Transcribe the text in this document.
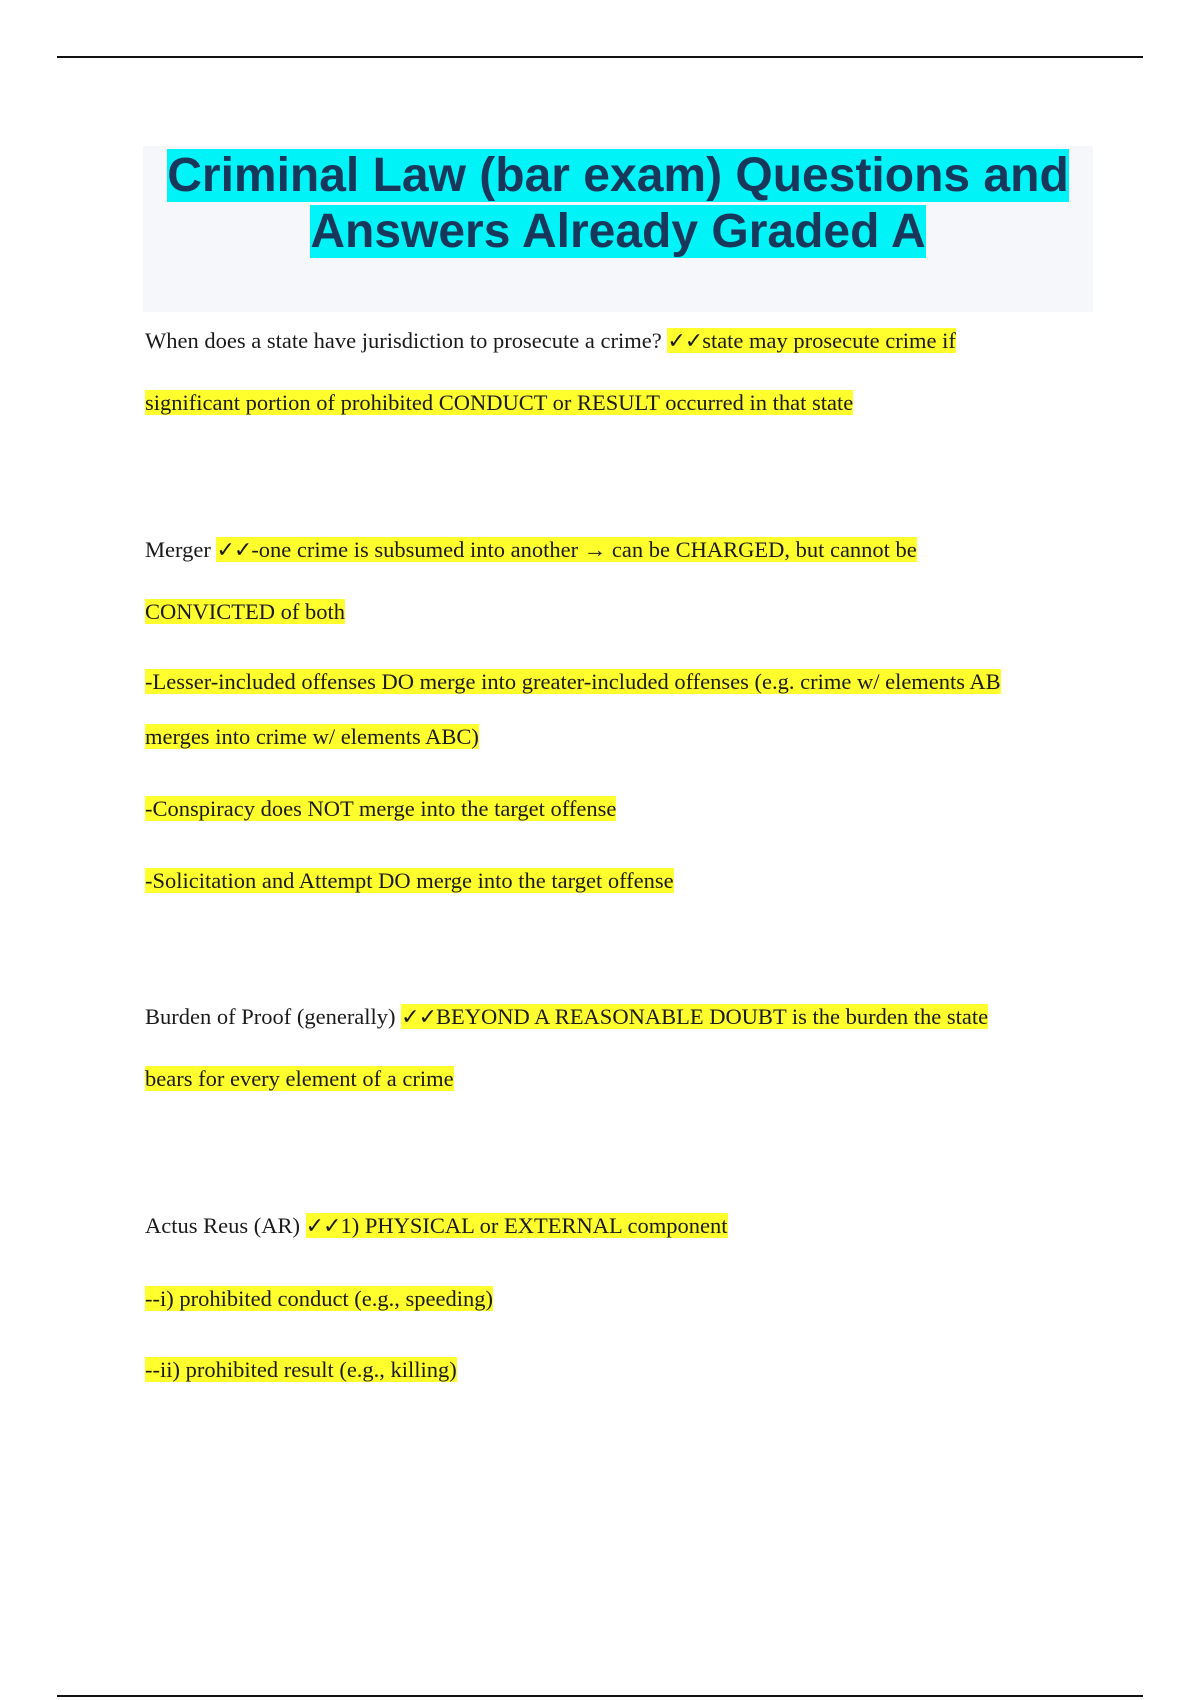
Criminal Law (bar exam) Questions and
Answers Already Graded A
When does a state have jurisdiction to prosecute a crime? ✓✓state may prosecute crime if
significant portion of prohibited CONDUCT or RESULT occurred in that state
Merger ✓✓-one crime is subsumed into another → can be CHARGED, but cannot be
CONVICTED of both
-Lesser-included offenses DO merge into greater-included offenses (e.g. crime w/ elements AB
merges into crime w/ elements ABC)
-Conspiracy does NOT merge into the target offense
-Solicitation and Attempt DO merge into the target offense
Burden of Proof (generally) ✓✓BEYOND A REASONABLE DOUBT is the burden the state
bears for every element of a crime
Actus Reus (AR) ✓✓1) PHYSICAL or EXTERNAL component
--i) prohibited conduct (e.g., speeding)
--ii) prohibited result (e.g., killing)
